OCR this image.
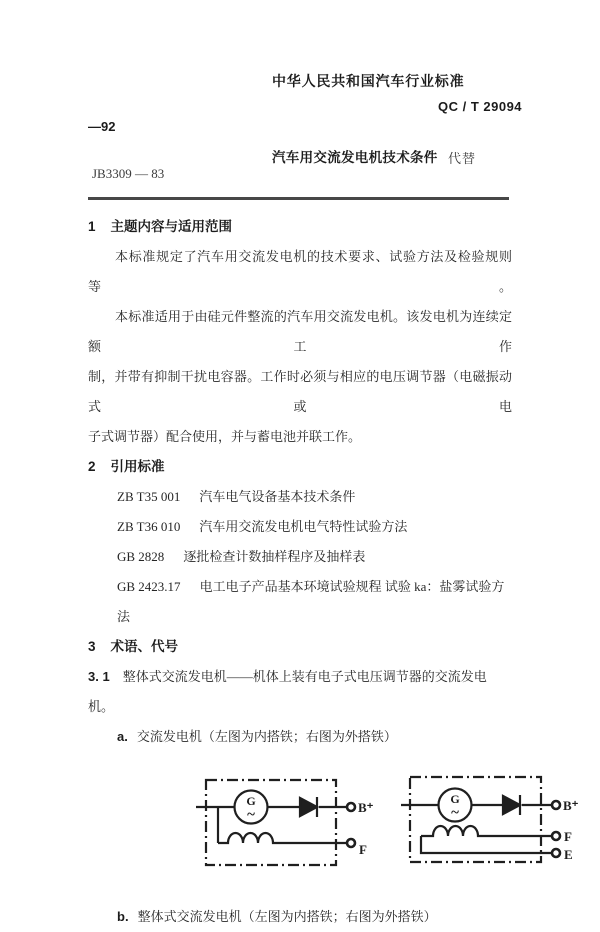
中华人民共和国汽车行业标准
QC / T 29094
—92
汽车用交流发电机技术条件 代替
JB3309 — 83
1 主题内容与适用范围
本标准规定了汽车用交流发电机的技术要求、试验方法及检验规则等。
本标准适用于由硅元件整流的汽车用交流发电机。该发电机为连续定额工作
制，并带有抑制干扰电容器。工作时必须与相应的电压调节器（电磁振动式或电
子式调节器）配合使用，并与蓄电池并联工作。
2 引用标准
ZB T35 001 汽车电气设备基本技术条件
ZB T36 010 汽车用交流发电机电气特性试验方法
GB 2828 逐批检查计数抽样程序及抽样表
GB 2423.17 电工电子产品基本环境试验规程 试验 ka：盐雾试验方法
3 术语、代号
3. 1 整体式交流发电机——机体上装有电子式电压调节器的交流发电机。
a. 交流发电机（左图为内搭铁；右图为外搭铁）
G
~	B⁺
F
G
~	B⁺
F
E
b. 整体式交流发电机（左图为内搭铁；右图为外搭铁）
